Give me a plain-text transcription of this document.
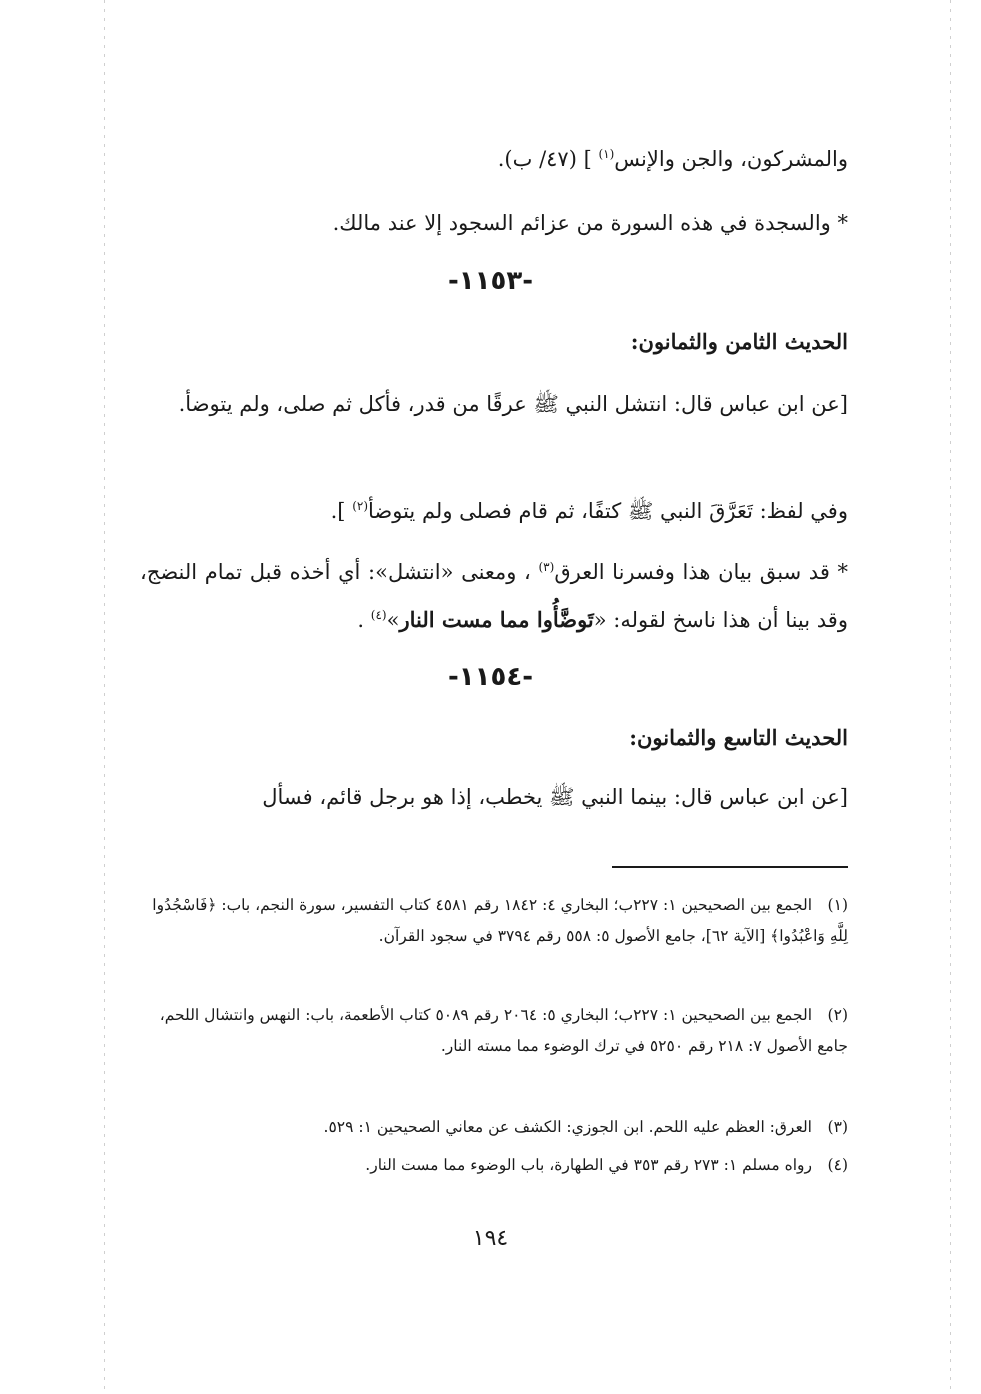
والمشركون، والجن والإنس$^{(١)}$ ] (٤٧/ ب).
* والسجدة في هذه السورة من عزائم السجود إلا عند مالك.
-١١٥٣-
الحديث الثامن والثمانون:
[عن ابن عباس قال: انتشل النبي ﷺ عرقًا من قدر، فأكل ثم صلى، ولم يتوضأ.
وفي لفظ: تَعَرَّقَ النبي ﷺ كتفًا، ثم قام فصلى ولم يتوضأ$^{(٢)}$ ].
* قد سبق بيان هذا وفسرنا العرق$^{(٣)}$ ، ومعنى «انتشل»: أي أخذه قبل تمام النضج، وقد بينا أن هذا ناسخ لقوله: «تَوضَّأُوا مما مست النار»$^{(٤)}$ .
-١١٥٤-
الحديث التاسع والثمانون:
[عن ابن عباس قال: بينما النبي ﷺ يخطب، إذا هو برجل قائم، فسأل
(١)الجمع بين الصحيحين ١: ٢٢٧ب؛ البخاري ٤: ١٨٤٢ رقم ٤٥٨١ كتاب التفسير، سورة النجم، باب: ﴿فَاسْجُدُوا لِلَّهِ وَاعْبُدُوا﴾ [الآية ٦٢]، جامع الأصول ٥: ٥٥٨ رقم ٣٧٩٤ في سجود القرآن.
(٢)الجمع بين الصحيحين ١: ٢٢٧ب؛ البخاري ٥: ٢٠٦٤ رقم ٥٠٨٩ كتاب الأطعمة، باب: النهس وانتشال اللحم، جامع الأصول ٧: ٢١٨ رقم ٥٢٥٠ في ترك الوضوء مما مسته النار.
(٣)العرق: العظم عليه اللحم. ابن الجوزي: الكشف عن معاني الصحيحين ١: ٥٢٩.
(٤)رواه مسلم ١: ٢٧٣ رقم ٣٥٣ في الطهارة، باب الوضوء مما مست النار.
١٩٤
